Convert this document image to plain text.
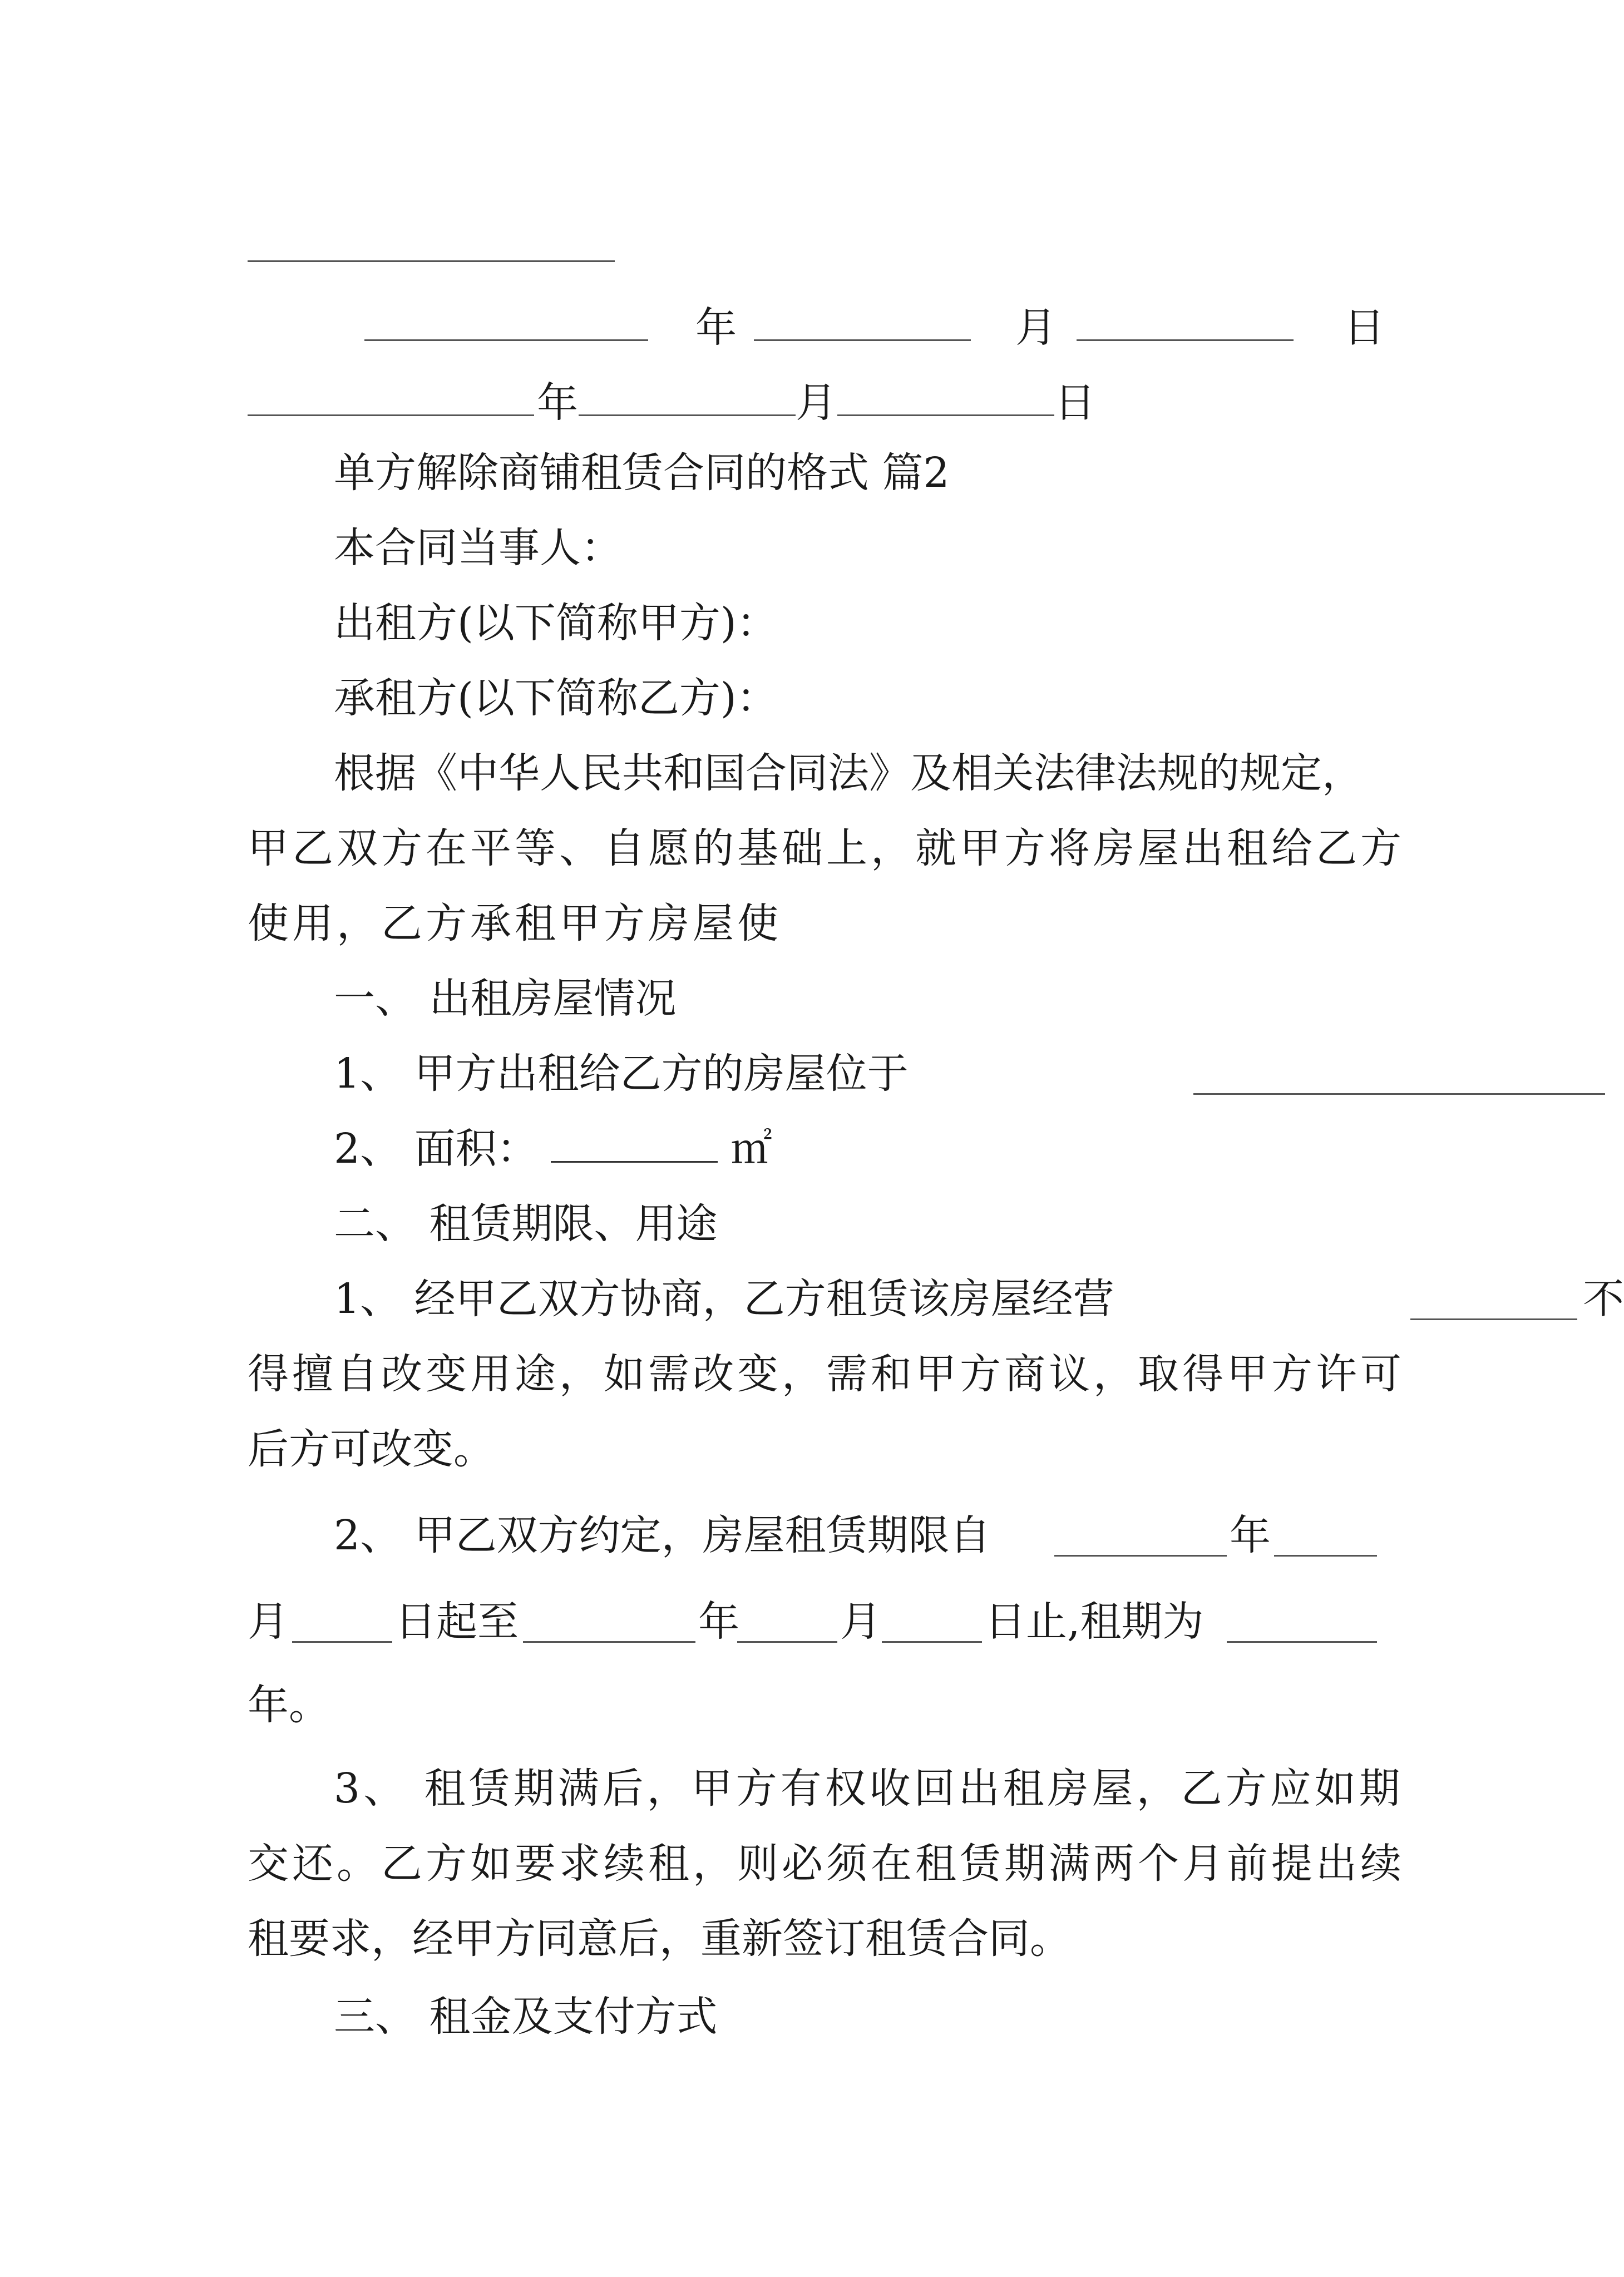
年	月	日
年	月	日
单方解除商铺租赁合同的格式 篇2
本合同当事人：
出租方(以下简称甲方)：
承租方(以下简称乙方)：
根据《中华人民共和国合同法》及相关法律法规的规定，
甲乙双方在平等、自愿的基础上，就甲方将房屋出租给乙方
使用，乙方承租甲方房屋使
一、 出租房屋情况
1、 甲方出租给乙方的房屋位于
2、 面积：	㎡
二、 租赁期限、用途
1、 经甲乙双方协商，乙方租赁该房屋经营	不
得擅自改变用途，如需改变，需和甲方商议，取得甲方许可
后方可改变。
2、 甲乙双方约定，房屋租赁期限自	年
月	日起至	年 月	日止,租期为
年。
3、 租赁期满后，甲方有权收回出租房屋，乙方应如期
交还。乙方如要求续租，则必须在租赁期满两个月前提出续
租要求，经甲方同意后，重新签订租赁合同。
三、 租金及支付方式
